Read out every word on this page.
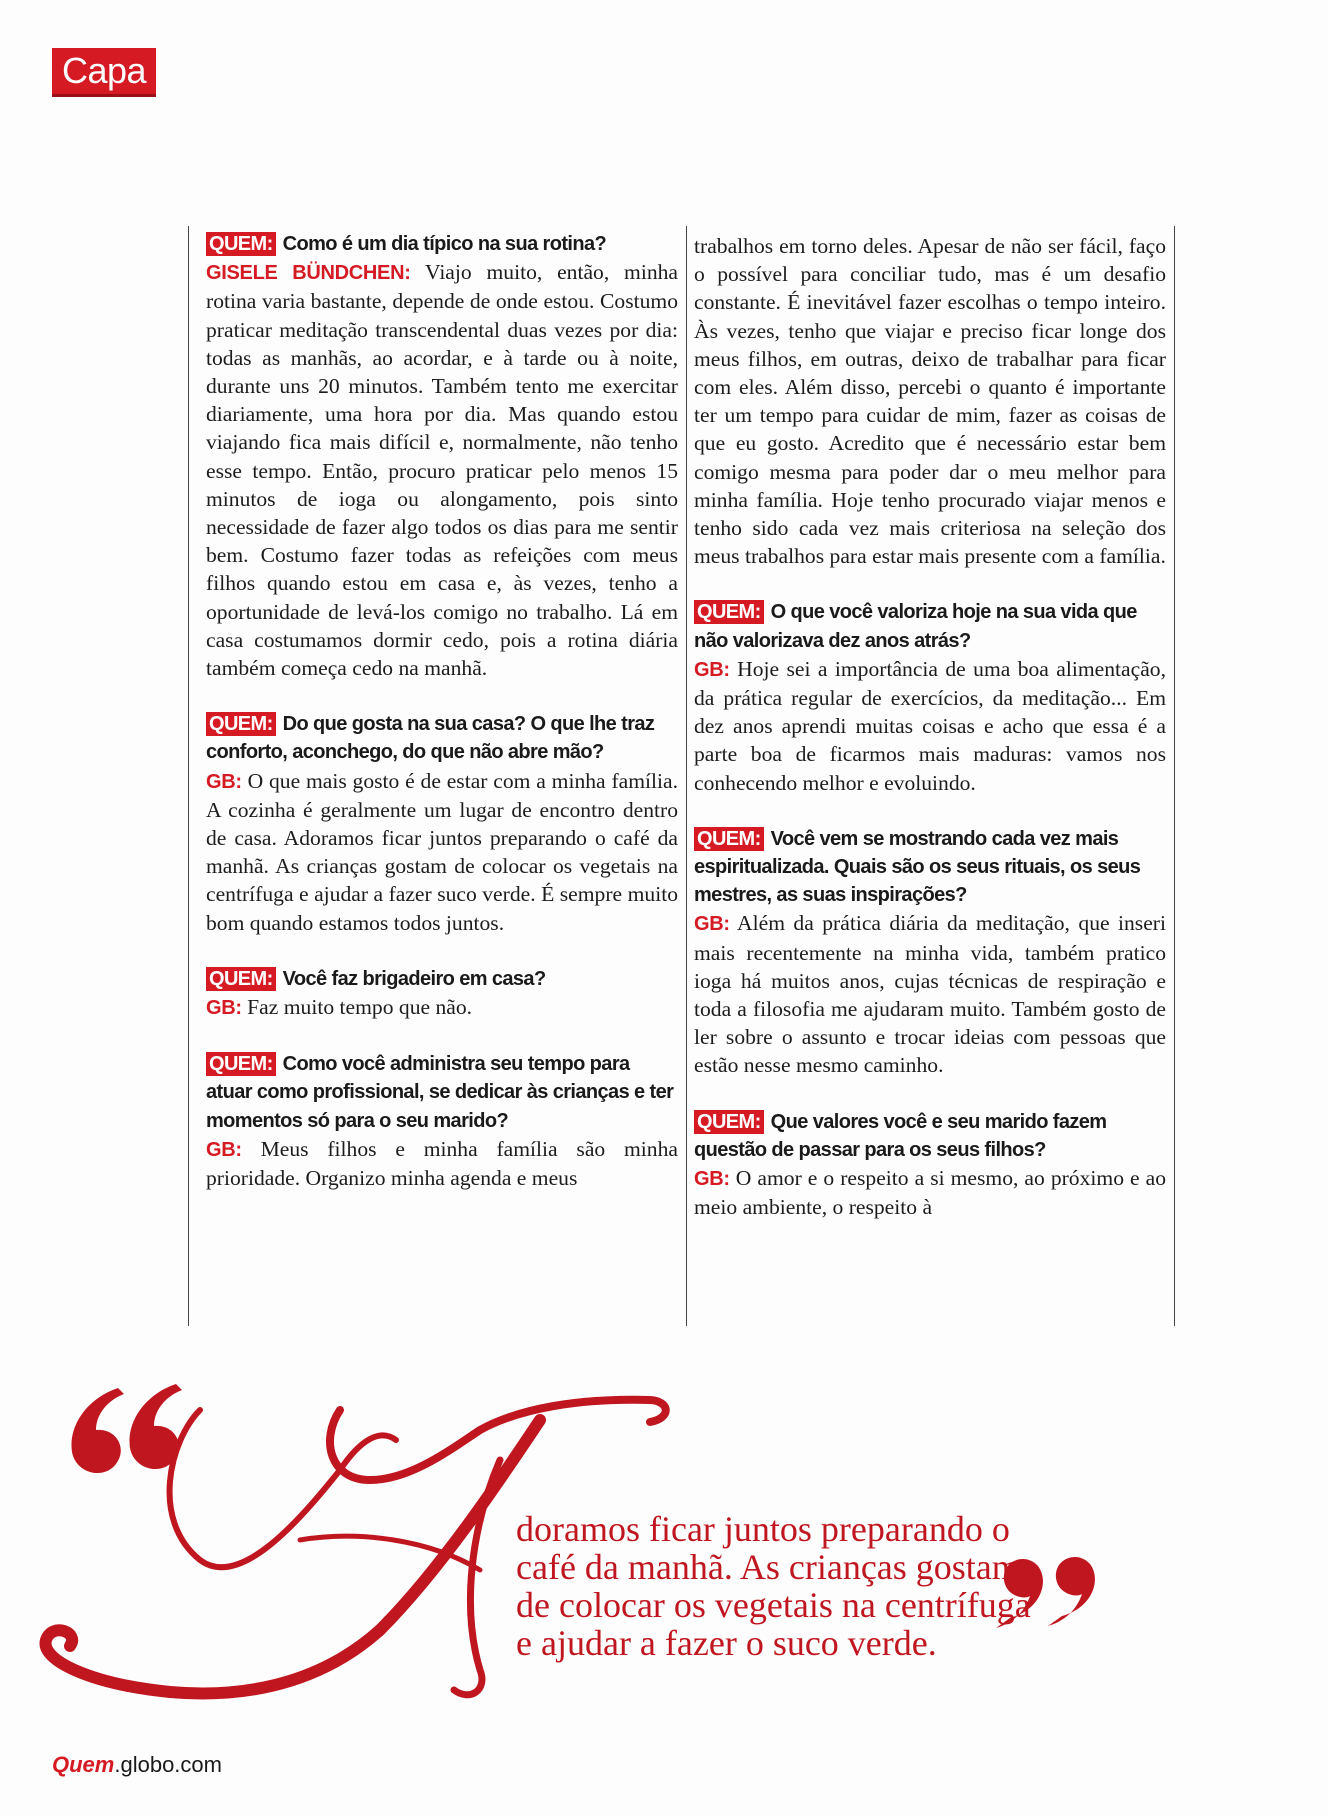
Capa
QUEM: Como é um dia típico na sua rotina?
GISELE BÜNDCHEN: Viajo muito, então, minha rotina varia bastante, depende de onde estou. Costumo praticar meditação transcendental duas vezes por dia: todas as manhãs, ao acordar, e à tarde ou à noite, durante uns 20 minutos. Também tento me exercitar diariamente, uma hora por dia. Mas quando estou viajando fica mais difícil e, normalmente, não tenho esse tempo. Então, procuro praticar pelo menos 15 minutos de ioga ou alongamento, pois sinto necessidade de fazer algo todos os dias para me sentir bem. Costumo fazer todas as refeições com meus filhos quando estou em casa e, às vezes, tenho a oportunidade de levá-los comigo no trabalho. Lá em casa costumamos dormir cedo, pois a rotina diária também começa cedo na manhã.
QUEM: Do que gosta na sua casa? O que lhe traz conforto, aconchego, do que não abre mão?
GB: O que mais gosto é de estar com a minha família. A cozinha é geralmente um lugar de encontro dentro de casa. Adoramos ficar juntos preparando o café da manhã. As crianças gostam de colocar os vegetais na centrífuga e ajudar a fazer suco verde. É sempre muito bom quando estamos todos juntos.
QUEM: Você faz brigadeiro em casa?
GB: Faz muito tempo que não.
QUEM: Como você administra seu tempo para atuar como profissional, se dedicar às crianças e ter momentos só para o seu marido?
GB: Meus filhos e minha família são minha prioridade. Organizo minha agenda e meus
trabalhos em torno deles. Apesar de não ser fácil, faço o possível para conciliar tudo, mas é um desafio constante. É inevitável fazer escolhas o tempo inteiro. Às vezes, tenho que viajar e preciso ficar longe dos meus filhos, em outras, deixo de trabalhar para ficar com eles. Além disso, percebi o quanto é importante ter um tempo para cuidar de mim, fazer as coisas de que eu gosto. Acredito que é necessário estar bem comigo mesma para poder dar o meu melhor para minha família. Hoje tenho procurado viajar menos e tenho sido cada vez mais criteriosa na seleção dos meus trabalhos para estar mais presente com a família.
QUEM: O que você valoriza hoje na sua vida que não valorizava dez anos atrás?
GB: Hoje sei a importância de uma boa alimentação, da prática regular de exercícios, da meditação... Em dez anos aprendi muitas coisas e acho que essa é a parte boa de ficarmos mais maduras: vamos nos conhecendo melhor e evoluindo.
QUEM: Você vem se mostrando cada vez mais espiritualizada. Quais são os seus rituais, os seus mestres, as suas inspirações?
GB: Além da prática diária da meditação, que inseri mais recentemente na minha vida, também pratico ioga há muitos anos, cujas técnicas de respiração e toda a filosofia me ajudaram muito. Também gosto de ler sobre o assunto e trocar ideias com pessoas que estão nesse mesmo caminho.
QUEM: Que valores você e seu marido fazem questão de passar para os seus filhos?
GB: O amor e o respeito a si mesmo, ao próximo e ao meio ambiente, o respeito à
doramos ficar juntos preparando o
café da manhã. As crianças gostam
de colocar os vegetais na centrífuga
e ajudar a fazer o suco verde.
Quem.globo.com
